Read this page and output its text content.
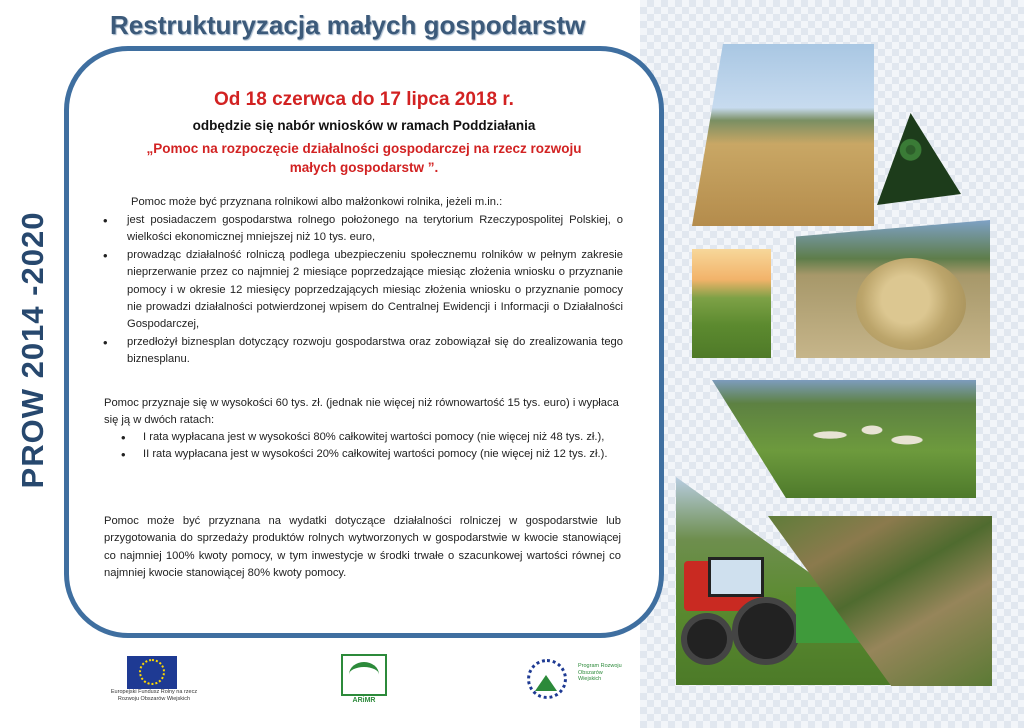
Restrukturyzacja małych gospodarstw
PROW 2014 -2020
Od 18 czerwca do 17 lipca 2018 r.
odbędzie się nabór wniosków w ramach Poddziałania
„Pomoc na rozpoczęcie działalności gospodarczej na rzecz rozwoju małych gospodarstw ”.
Pomoc może być przyznana rolnikowi albo małżonkowi rolnika, jeżeli m.in.:
• jest posiadaczem gospodarstwa rolnego położonego na terytorium Rzeczypospolitej Polskiej, o wielkości ekonomicznej mniejszej niż 10 tys. euro,
• prowadząc działalność rolniczą podlega ubezpieczeniu społecznemu rolników w pełnym zakresie nieprzerwanie przez co najmniej 2 miesiące poprzedzające miesiąc złożenia wniosku o przyznanie pomocy i w okresie 12 miesięcy poprzedzających miesiąc złożenia wniosku o przyznanie pomocy nie prowadzi działalności potwierdzonej wpisem do Centralnej Ewidencji i Informacji o Działalności Gospodarczej,
• przedłożył biznesplan dotyczący rozwoju gospodarstwa oraz zobowiązał się do zrealizowania tego biznesplanu.
Pomoc przyznaje się w wysokości 60 tys. zł. (jednak nie więcej niż równowartość 15 tys. euro) i wypłaca się ją w dwóch ratach:
• I rata wypłacana jest w wysokości 80% całkowitej wartości pomocy (nie więcej niż 48 tys. zł.),
• II rata wypłacana jest w wysokości 20% całkowitej wartości pomocy (nie więcej niż 12 tys. zł.).
Pomoc może być przyznana na wydatki dotyczące działalności rolniczej w gospodarstwie lub przygotowania do sprzedaży produktów rolnych wytworzonych w gospodarstwie w kwocie stanowiącej co najmniej 100% kwoty pomocy, w tym inwestycje w środki trwałe o szacunkowej wartości równej co najmniej kwocie stanowiącej 80% kwoty pomocy.
Europejski Fundusz Rolny na rzecz Rozwoju Obszarów Wiejskich	ARiMR
Program Rozwoju Obszarów Wiejskich
